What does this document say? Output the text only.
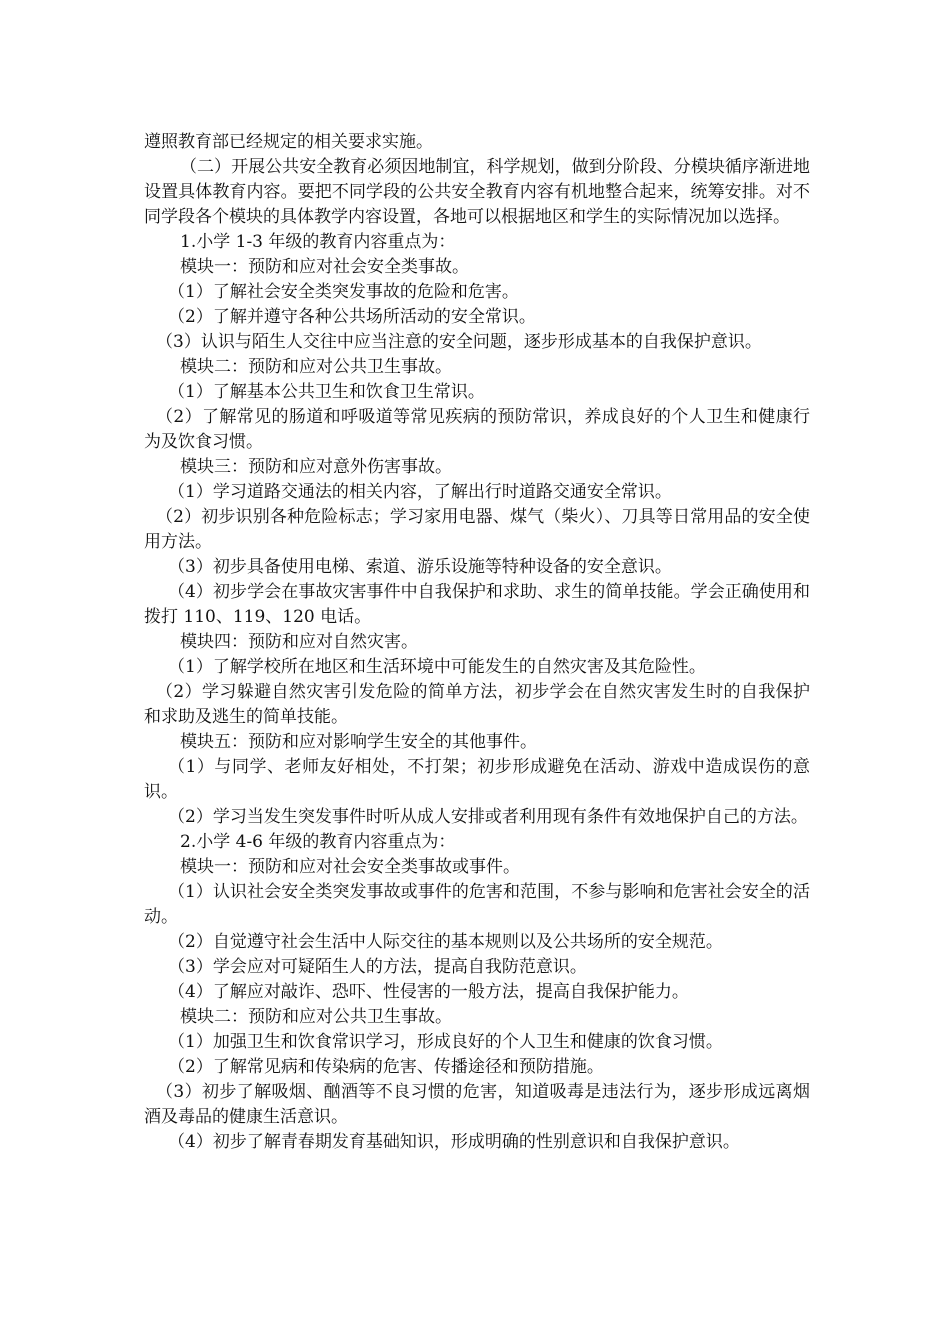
遵照教育部已经规定的相关要求实施。

（二）开展公共安全教育必须因地制宜，科学规划，做到分阶段、分模块循序渐进地设置具体教育内容。要把不同学段的公共安全教育内容有机地整合起来，统筹安排。对不同学段各个模块的具体教学内容设置，各地可以根据地区和学生的实际情况加以选择。

1.小学 1-3 年级的教育内容重点为：

模块一：预防和应对社会安全类事故。

（1）了解社会安全类突发事故的危险和危害。

（2）了解并遵守各种公共场所活动的安全常识。

（3）认识与陌生人交往中应当注意的安全问题，逐步形成基本的自我保护意识。

模块二：预防和应对公共卫生事故。

（1）了解基本公共卫生和饮食卫生常识。

（2）了解常见的肠道和呼吸道等常见疾病的预防常识，养成良好的个人卫生和健康行为及饮食习惯。

模块三：预防和应对意外伤害事故。

（1）学习道路交通法的相关内容，了解出行时道路交通安全常识。

（2）初步识别各种危险标志；学习家用电器、煤气（柴火）、刀具等日常用品的安全使用方法。

（3）初步具备使用电梯、索道、游乐设施等特种设备的安全意识。

（4）初步学会在事故灾害事件中自我保护和求助、求生的简单技能。学会正确使用和拨打 110、119、120 电话。

模块四：预防和应对自然灾害。

（1）了解学校所在地区和生活环境中可能发生的自然灾害及其危险性。

（2）学习躲避自然灾害引发危险的简单方法，初步学会在自然灾害发生时的自我保护和求助及逃生的简单技能。

模块五：预防和应对影响学生安全的其他事件。

（1）与同学、老师友好相处，不打架；初步形成避免在活动、游戏中造成误伤的意识。

（2）学习当发生突发事件时听从成人安排或者利用现有条件有效地保护自己的方法。

2.小学 4-6 年级的教育内容重点为：

模块一：预防和应对社会安全类事故或事件。

（1）认识社会安全类突发事故或事件的危害和范围，不参与影响和危害社会安全的活动。

（2）自觉遵守社会生活中人际交往的基本规则以及公共场所的安全规范。

（3）学会应对可疑陌生人的方法，提高自我防范意识。

（4）了解应对敲诈、恐吓、性侵害的一般方法，提高自我保护能力。

模块二：预防和应对公共卫生事故。

（1）加强卫生和饮食常识学习，形成良好的个人卫生和健康的饮食习惯。

（2）了解常见病和传染病的危害、传播途径和预防措施。

（3）初步了解吸烟、酗酒等不良习惯的危害，知道吸毒是违法行为，逐步形成远离烟酒及毒品的健康生活意识。

（4）初步了解青春期发育基础知识，形成明确的性别意识和自我保护意识。
